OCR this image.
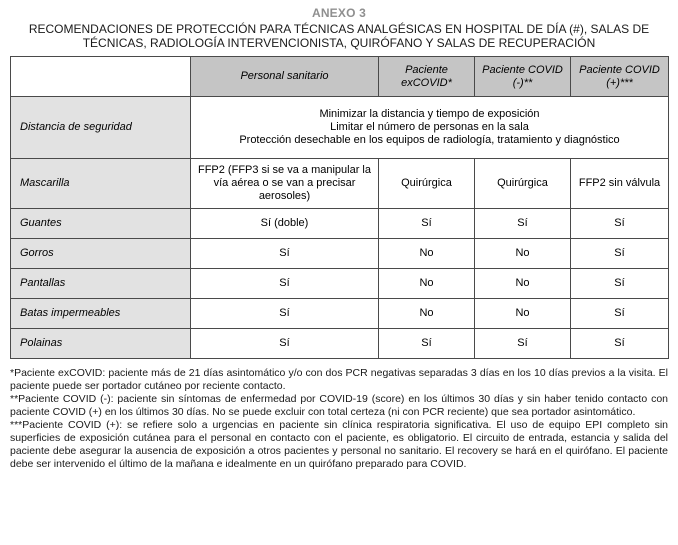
ANEXO 3
RECOMENDACIONES DE PROTECCIÓN PARA TÉCNICAS ANALGÉSICAS EN HOSPITAL DE DÍA (#), SALAS DE TÉCNICAS, RADIOLOGÍA INTERVENCIONISTA, QUIRÓFANO Y SALAS DE RECUPERACIÓN
	Personal sanitario	Paciente exCOVID*	Paciente COVID (-)**	Paciente COVID (+)***
Distancia de seguridad	Minimizar la distancia y tiempo de exposición
Limitar el número de personas en la sala
Protección desechable en los equipos de radiología, tratamiento y diagnóstico			

Mascarilla	FFP2 (FFP3 si se va a manipular la vía aérea o se van a precisar aerosoles)	Quirúrgica	Quirúrgica	FFP2 sin válvula
Guantes	Sí (doble)	Sí	Sí	Sí
Gorros	Sí	No	No	Sí
Pantallas	Sí	No	No	Sí
Batas impermeables	Sí	No	No	Sí
Polainas	Sí	Sí	Sí	Sí

*Paciente exCOVID: paciente más de 21 días asintomático y/o con dos PCR negativas separadas 3 días en los 10 días previos a la visita. El paciente puede ser portador cutáneo por reciente contacto.

**Paciente COVID (-): paciente sin síntomas de enfermedad por COVID-19 (score) en los últimos 30 días y sin haber tenido contacto con paciente COVID (+) en los últimos 30 días. No se puede excluir con total certeza (ni con PCR reciente) que sea portador asintomático.

***Paciente COVID (+): se refiere solo a urgencias en paciente sin clínica respiratoria significativa. El uso de equipo EPI completo sin superficies de exposición cutánea para el personal en contacto con el paciente, es obligatorio. El circuito de entrada, estancia y salida del paciente debe asegurar la ausencia de exposición a otros pacientes y personal no sanitario. El recovery se hará en el quirófano. El paciente debe ser intervenido el último de la mañana e idealmente en un quirófano preparado para COVID.
